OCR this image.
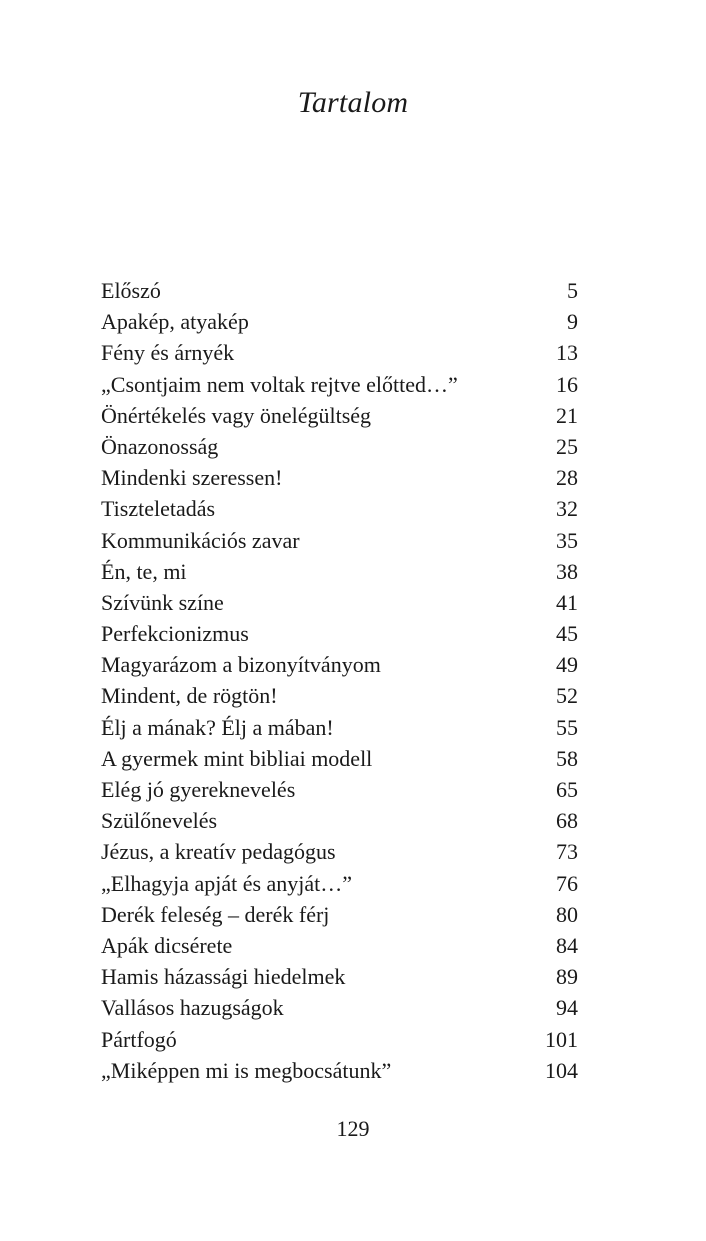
Tartalom
Előszó	5
Apakép, atyakép	9
Fény és árnyék	13
„Csontjaim nem voltak rejtve előtted…”	16
Önértékelés vagy önelégültség	21
Önazonosság	25
Mindenki szeressen!	28
Tiszteletadás	32
Kommunikációs zavar	35
Én, te, mi	38
Szívünk színe	41
Perfekcionizmus	45
Magyarázom a bizonyítványom	49
Mindent, de rögtön!	52
Élj a mának? Élj a mában!	55
A gyermek mint bibliai modell	58
Elég jó gyereknevelés	65
Szülőnevelés	68
Jézus, a kreatív pedagógus	73
„Elhagyja apját és anyját…”	76
Derék feleség – derék férj	80
Apák dicsérete	84
Hamis házassági hiedelmek	89
Vallásos hazugságok	94
Pártfogó	101
„Miképpen mi is megbocsátunk”	104
129
